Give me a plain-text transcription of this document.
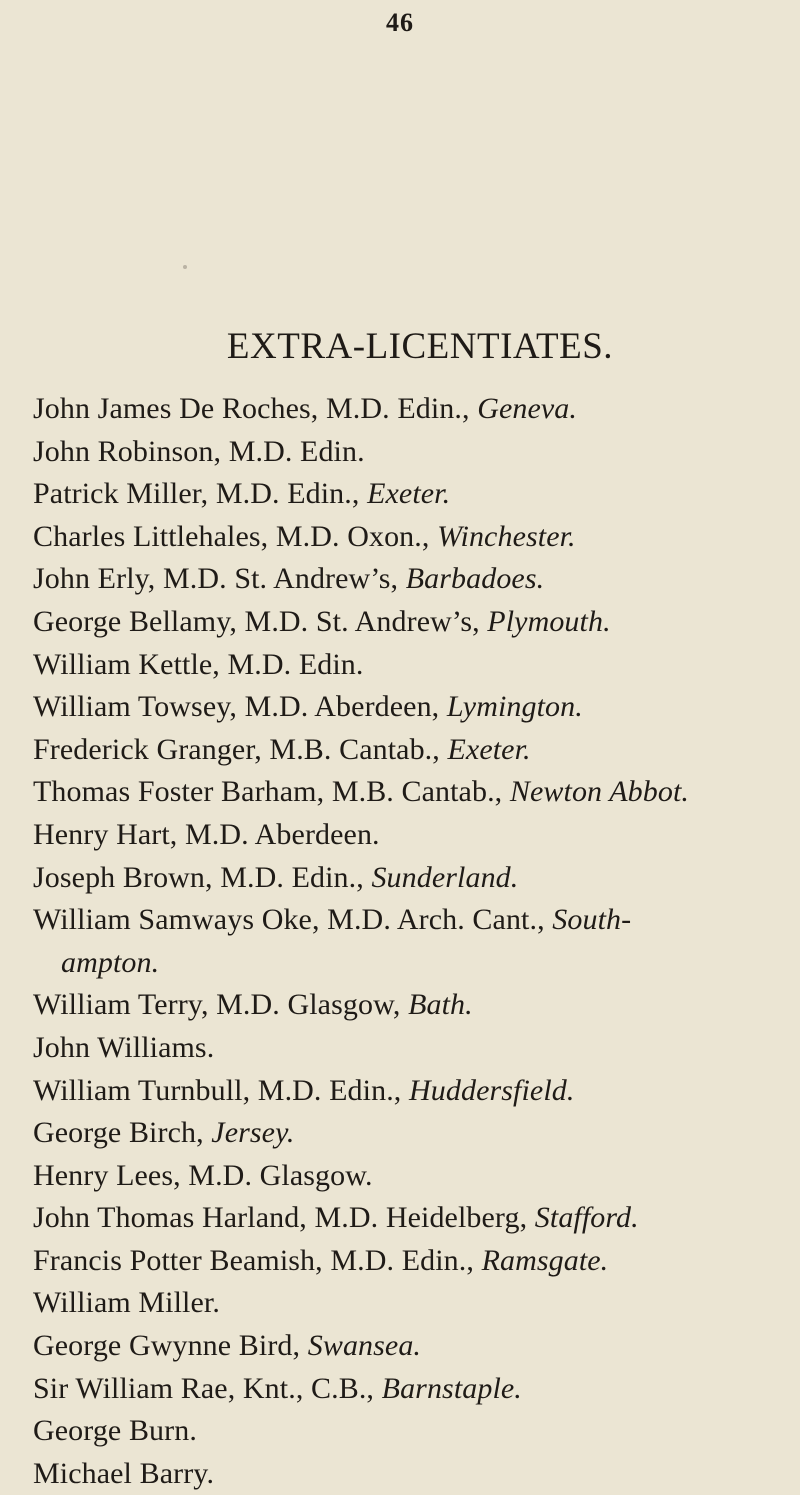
46
EXTRA-LICENTIATES.
John James De Roches, M.D. Edin., Geneva.
John Robinson, M.D. Edin.
Patrick Miller, M.D. Edin., Exeter.
Charles Littlehales, M.D. Oxon., Winchester.
John Erly, M.D. St. Andrew’s, Barbadoes.
George Bellamy, M.D. St. Andrew’s, Plymouth.
William Kettle, M.D. Edin.
William Towsey, M.D. Aberdeen, Lymington.
Frederick Granger, M.B. Cantab., Exeter.
Thomas Foster Barham, M.B. Cantab., Newton Abbot.
Henry Hart, M.D. Aberdeen.
Joseph Brown, M.D. Edin., Sunderland.
William Samways Oke, M.D. Arch. Cant., South-
ampton.
William Terry, M.D. Glasgow, Bath.
John Williams.
William Turnbull, M.D. Edin., Huddersfield.
George Birch, Jersey.
Henry Lees, M.D. Glasgow.
John Thomas Harland, M.D. Heidelberg, Stafford.
Francis Potter Beamish, M.D. Edin., Ramsgate.
William Miller.
George Gwynne Bird, Swansea.
Sir William Rae, Knt., C.B., Barnstaple.
George Burn.
Michael Barry.
